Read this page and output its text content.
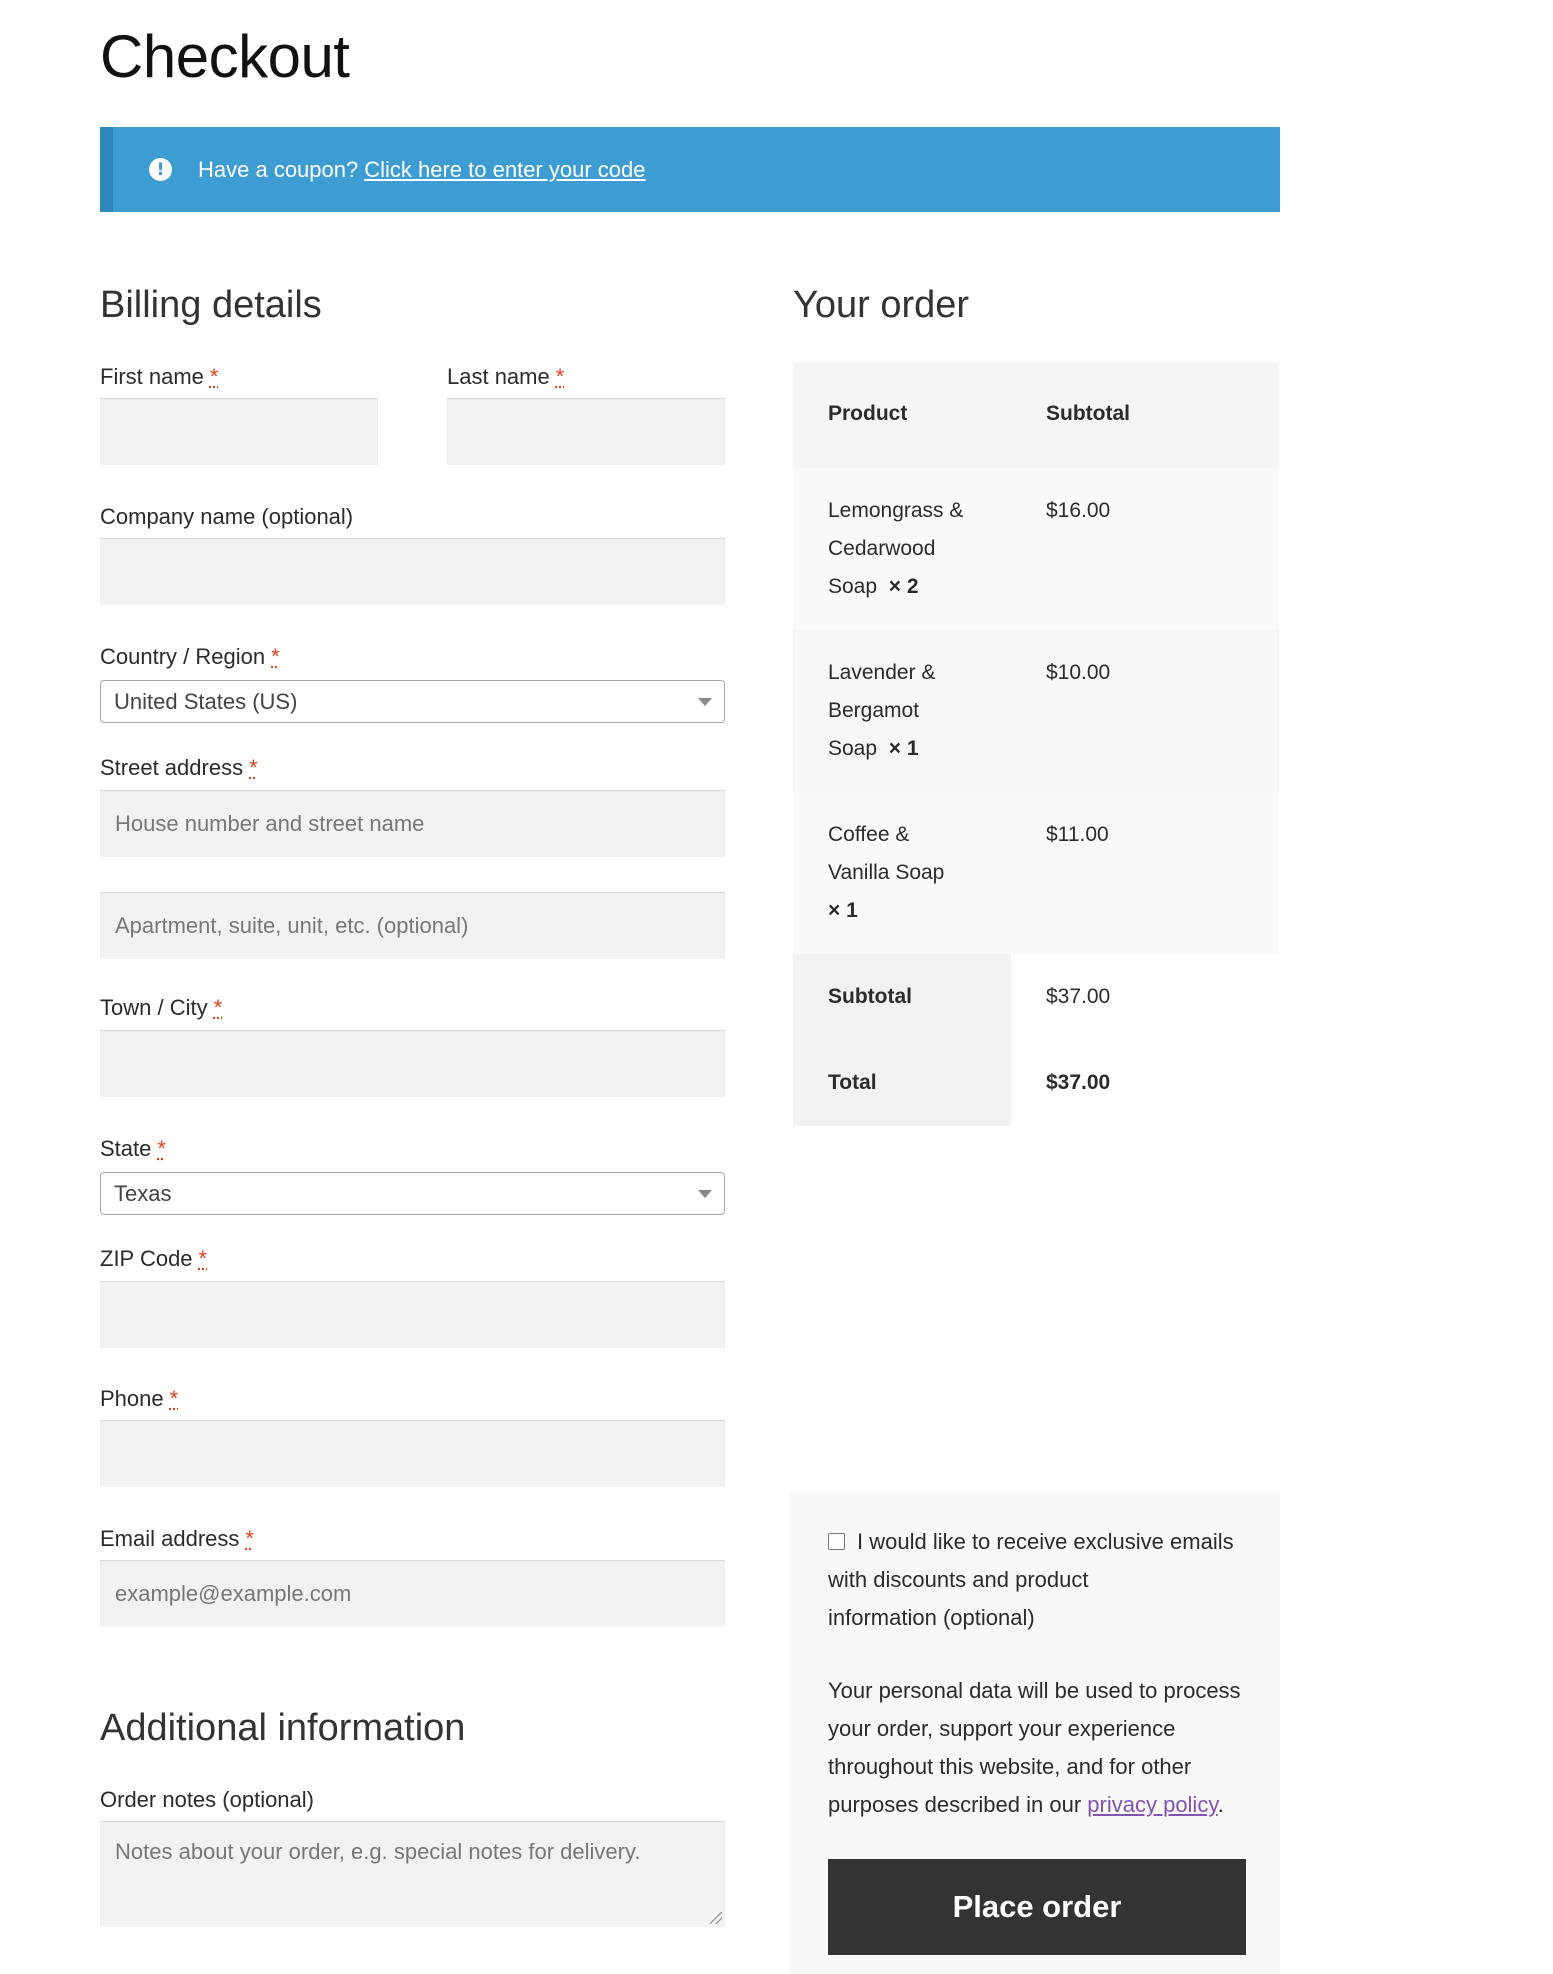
Checkout
!	Have a coupon? Click here to enter your code
Billing details
First name *	Last name *
Company name (optional)
Country / Region *
United States (US)
Street address *
House number and street name
Apartment, suite, unit, etc. (optional)
Town / City *
State *
Texas
ZIP Code *
Phone *
Email address *
example@example.com
Additional information
Order notes (optional)
Notes about your order, e.g. special notes for delivery.
Your order
Product	Subtotal
Lemongrass &
Cedarwood
Soap × 2
$16.00
Lavender &
Bergamot
Soap × 1
$10.00
Coffee &
Vanilla Soap
× 1
$11.00
Subtotal	$37.00
Total	$37.00
I would like to receive exclusive emails
with discounts and product
information (optional)
Your personal data will be used to process
your order, support your experience
throughout this website, and for other
purposes described in our privacy policy.
Place order
